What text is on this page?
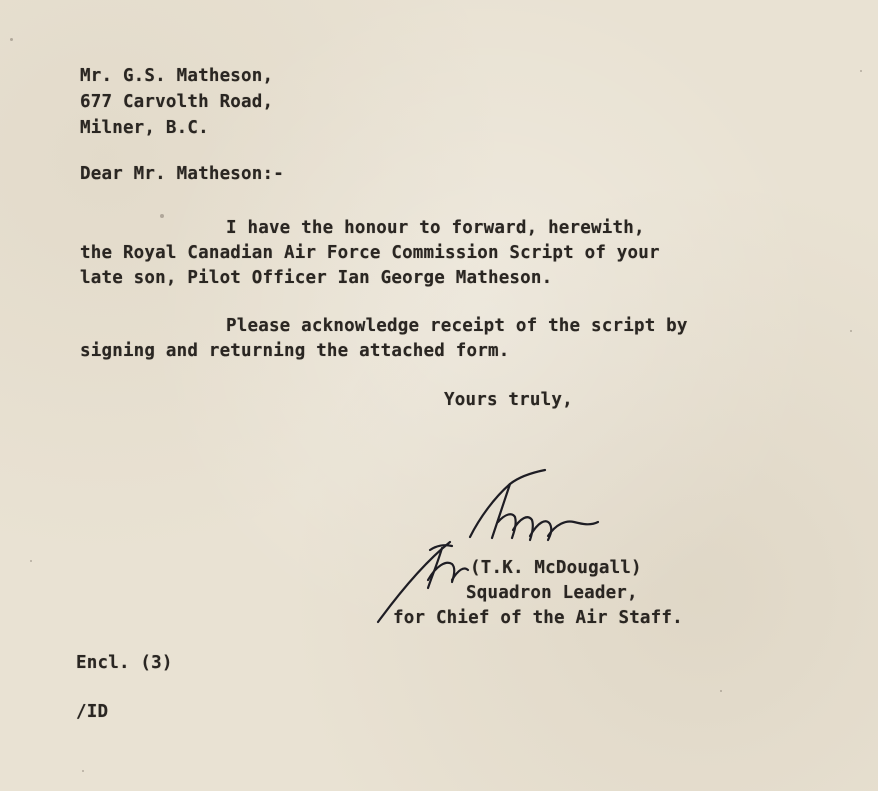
Mr. G.S. Matheson,
677 Carvolth Road,
Milner, B.C.
Dear Mr. Matheson:-
I have the honour to forward, herewith,
the Royal Canadian Air Force Commission Script of your
late son, Pilot Officer Ian George Matheson.
Please acknowledge receipt of the script by
signing and returning the attached form.
Yours truly,
(T.K. McDougall)
Squadron Leader,
for Chief of the Air Staff.
Encl. (3)
/ID
